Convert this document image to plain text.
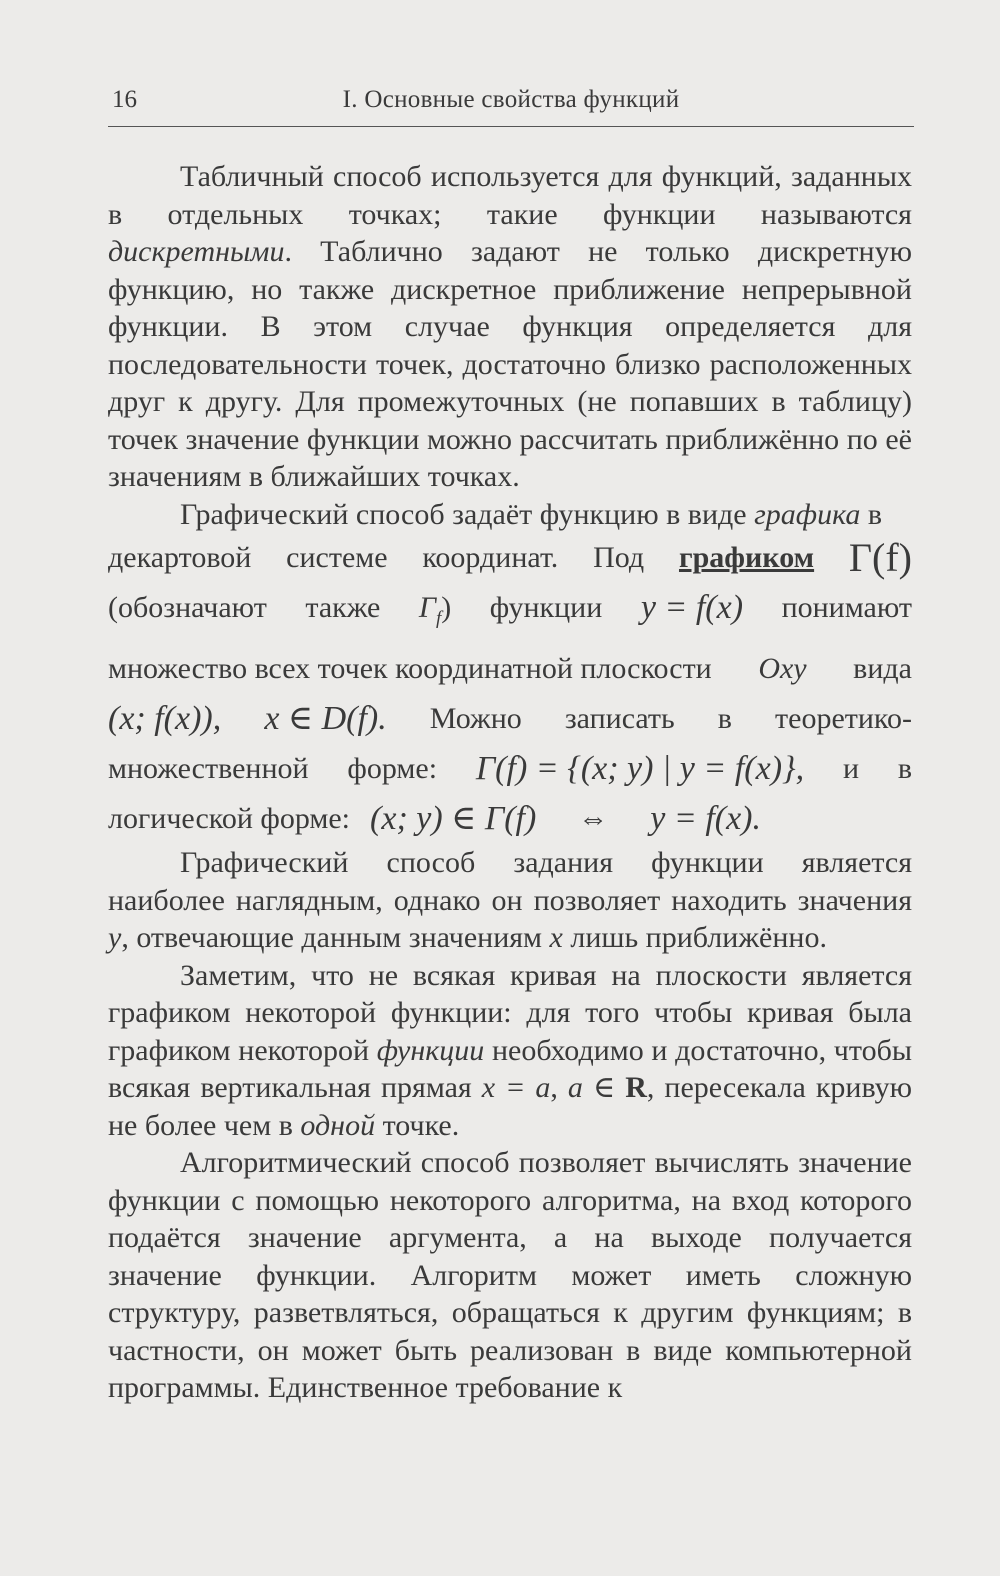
16	I. Основные свойства функций

Табличный способ используется для функций, заданных в отдельных точках; такие функции называются дискретными. Таблично задают не только дискретную функцию, но также дискретное приближение непрерывной функции. В этом случае функция определяется для последовательности точек, достаточно близко расположенных друг к другу. Для промежуточных (не попавших в таблицу) точек значение функции можно рассчитать приближённо по её значениям в ближайших точках.

Графический способ задаёт функцию в виде графика в

декартовой системе координат. Под графиком Γ(f)
(обозначают также $\Gamma_f$) функции y = f(x) понимают
множество всех точек координатной плоскости Oxy вида
(x; f(x)), x ∈ D(f). Можно записать в теоретико-
множественной форме: Γ(f) = {(x; y) | y = f(x)}, и в
логической форме: (x; y) ∈ Γ(f)	⇔	y = f(x).

Графический способ задания функции является наиболее наглядным, однако он позволяет находить значения y, отвечающие данным значениям x лишь приближённо.

Заметим, что не всякая кривая на плоскости является графиком некоторой функции: для того чтобы кривая была графиком некоторой функции необходимо и достаточно, чтобы всякая вертикальная прямая x = a, a ∈ R, пересекала кривую не более чем в одной точке.

Алгоритмический способ позволяет вычислять значение функции с помощью некоторого алгоритма, на вход которого подаётся значение аргумента, а на выходе получается значение функции. Алгоритм может иметь сложную структуру, разветвляться, обращаться к другим функциям; в частности, он может быть реализован в виде компьютерной программы. Единственное требование к
